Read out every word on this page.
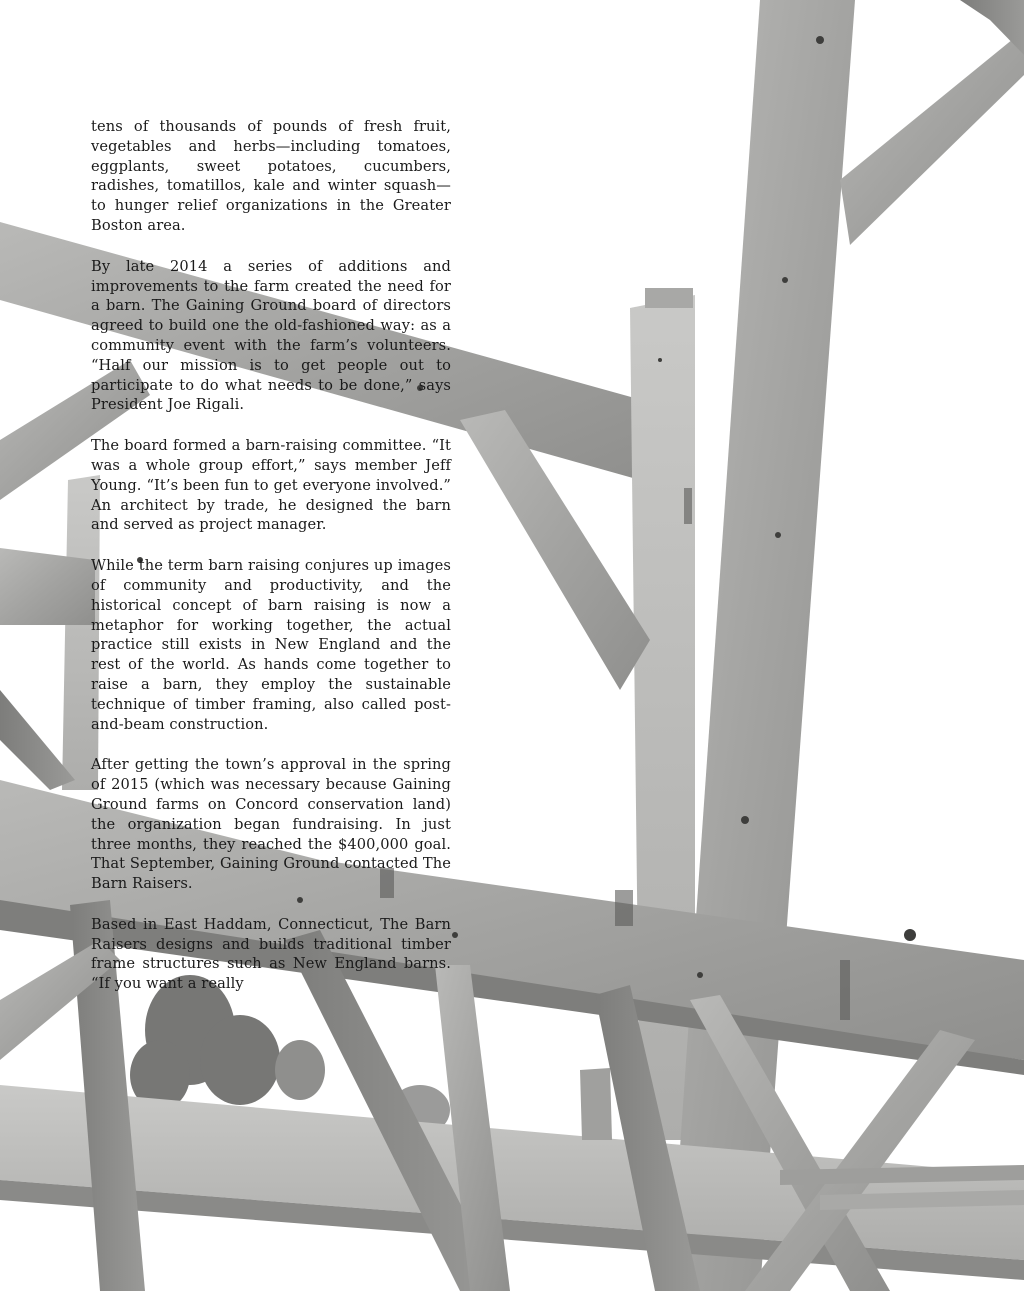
tens of thousands of pounds of fresh fruit, vegetables and herbs—including tomatoes, eggplants, sweet potatoes, cucumbers, radishes, tomatillos, kale and winter squash—to hunger relief organizations in the Greater Boston area.

By late 2014 a series of additions and improvements to the farm created the need for a barn. The Gaining Ground board of directors agreed to build one the old-fashioned way: as a community event with the farm’s volunteers. “Half our mission is to get people out to participate to do what needs to be done,” says President Joe Rigali.

The board formed a barn-raising committee. “It was a whole group effort,” says member Jeff Young. “It’s been fun to get everyone involved.” An architect by trade, he designed the barn and served as project manager.

While the term barn raising conjures up images of community and productivity, and the historical concept of barn raising is now a metaphor for working together, the actual practice still exists in New England and the rest of the world. As hands come together to raise a barn, they employ the sustainable technique of timber framing, also called post-and-beam construction.

After getting the town’s approval in the spring of 2015 (which was necessary because Gaining Ground farms on Concord conservation land) the organization began fundraising. In just three months, they reached the $400,000 goal. That September, Gaining Ground contacted The Barn Raisers.

Based in East Haddam, Connecticut, The Barn Raisers designs and builds traditional timber frame structures such as New England barns. “If you want a really
